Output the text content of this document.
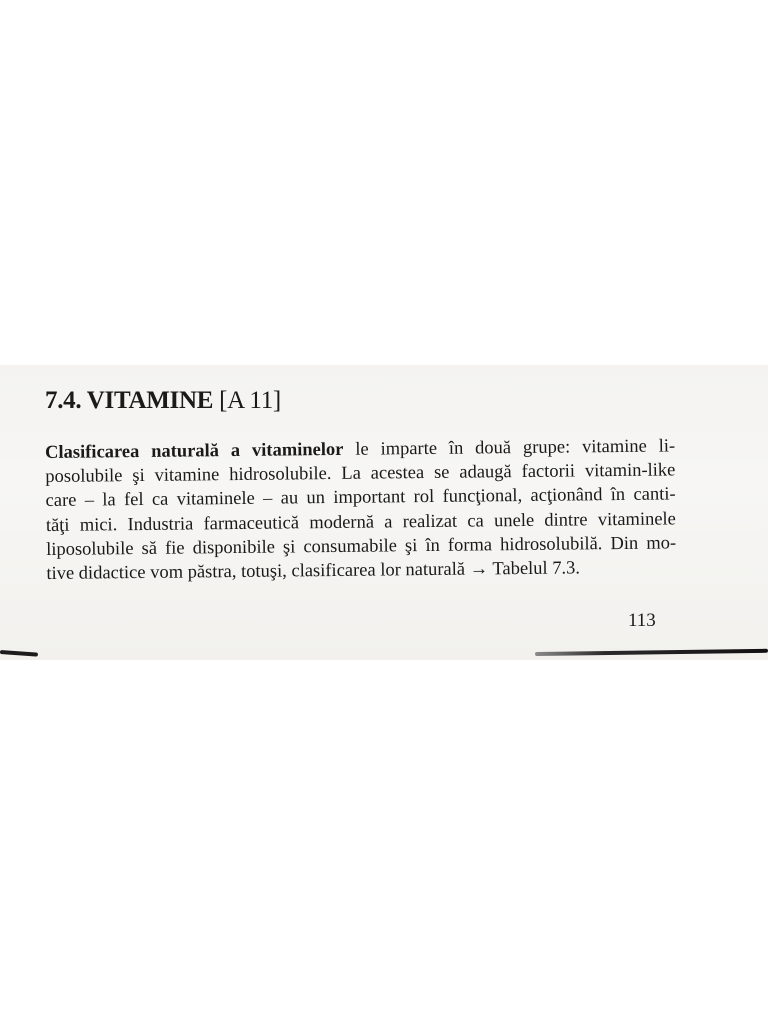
7.4. VITAMINE [A 11]
Clasificarea naturală a vitaminelor le imparte în două grupe: vitamine li-
posolubile şi vitamine hidrosolubile. La acestea se adaugă factorii vitamin-like
care – la fel ca vitaminele – au un important rol funcţional, acţionând în canti-
tăţi mici. Industria farmaceutică modernă a realizat ca unele dintre vitaminele
liposolubile să fie disponibile şi consumabile şi în forma hidrosolubilă. Din mo-
tive didactice vom păstra, totuşi, clasificarea lor naturală → Tabelul 7.3.
113
